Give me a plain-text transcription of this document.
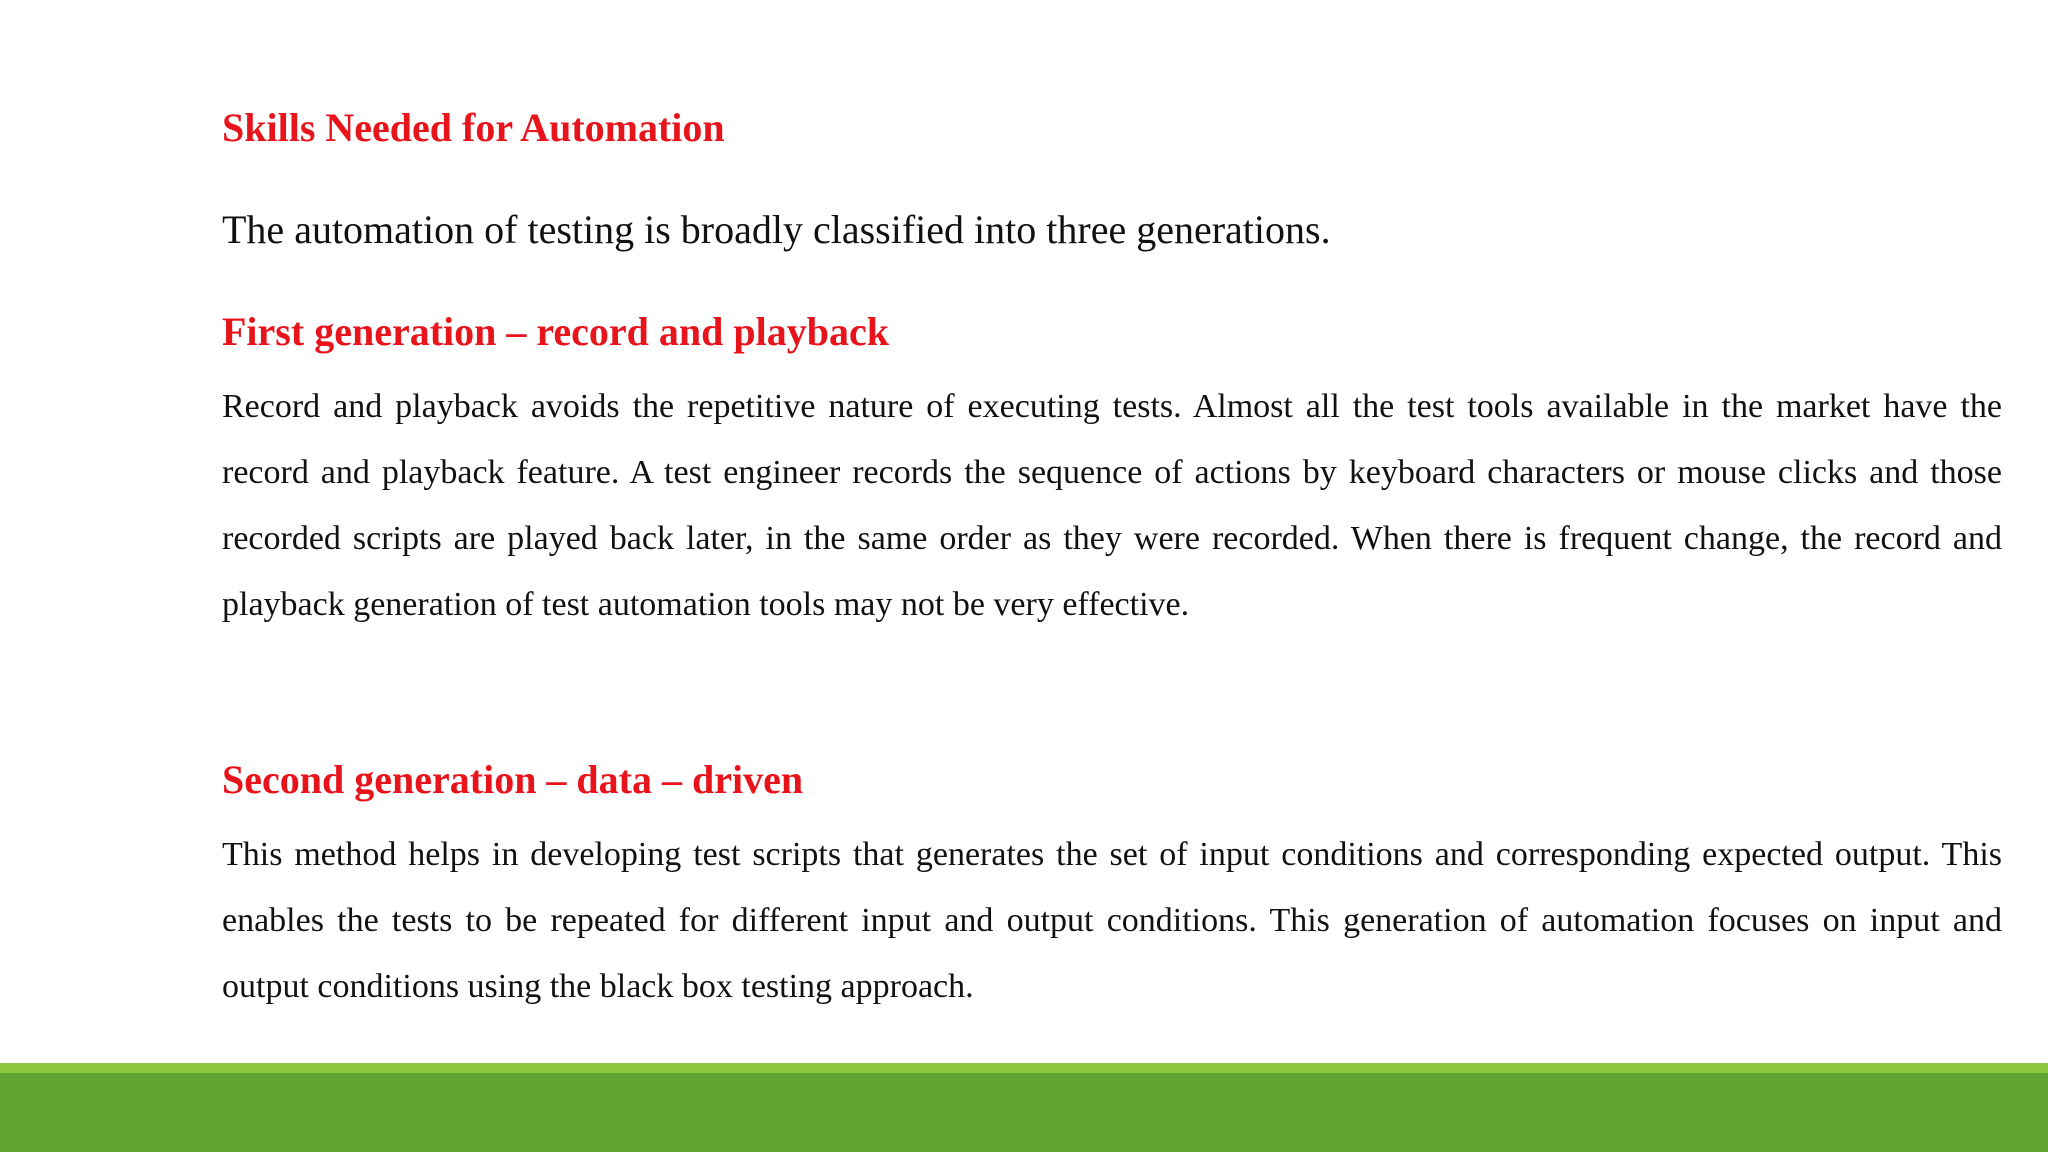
Skills Needed for Automation

The automation of testing is broadly classified into three generations.

First generation – record and playback

Record and playback avoids the repetitive nature of executing tests. Almost all the test tools available in the market have the record and playback feature. A test engineer records the sequence of actions by keyboard characters or mouse clicks and those recorded scripts are played back later, in the same order as they were recorded. When there is frequent change, the record and playback generation of test automation tools may not be very effective.

Second generation – data – driven

This method helps in developing test scripts that generates the set of input conditions and corresponding expected output. This enables the tests to be repeated for different input and output conditions. This generation of automation focuses on input and output conditions using the black box testing approach.
